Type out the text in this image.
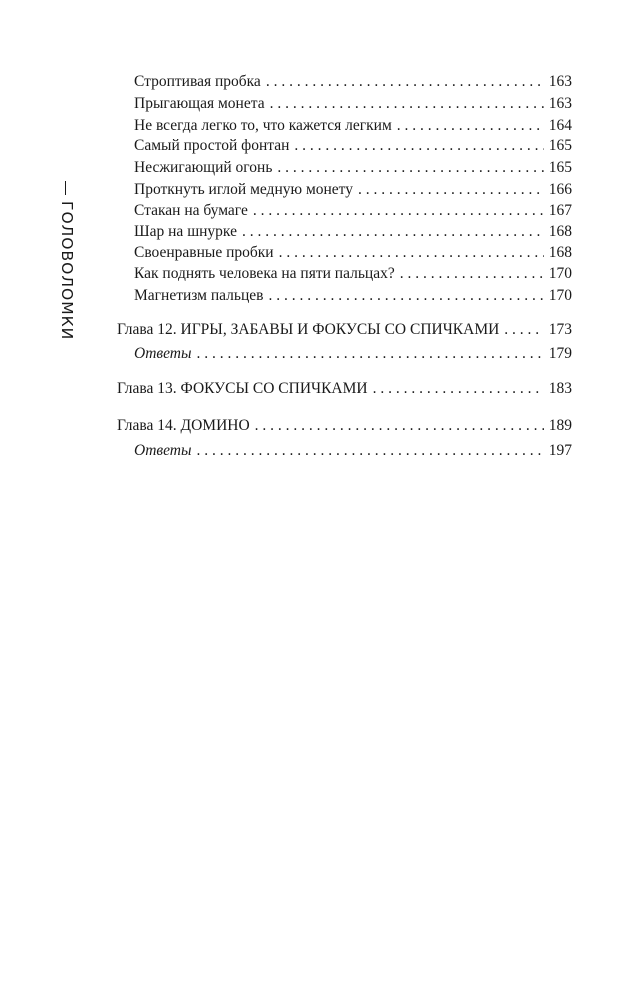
ГОЛОВОЛОМКИ
Строптивая пробка . . .	163
Прыгающая монета . . .	163
Не всегда легко то, что кажется легким . . .	164
Самый простой фонтан . . .	165
Несжигающий огонь . . .	165
Проткнуть иглой медную монету . . .	166
Стакан на бумаге . . .	167
Шар на шнурке . . .	168
Своенравные пробки . . .	168
Как поднять человека на пяти пальцах? . . .	170
Магнетизм пальцев . . .	170
Глава 12. ИГРЫ, ЗАБАВЫ И ФОКУСЫ СО СПИЧКАМИ . . .	173
Ответы . . .	179
Глава 13. ФОКУСЫ СО СПИЧКАМИ . . .	183
Глава 14. ДОМИНО . . .	189
Ответы . . .	197
